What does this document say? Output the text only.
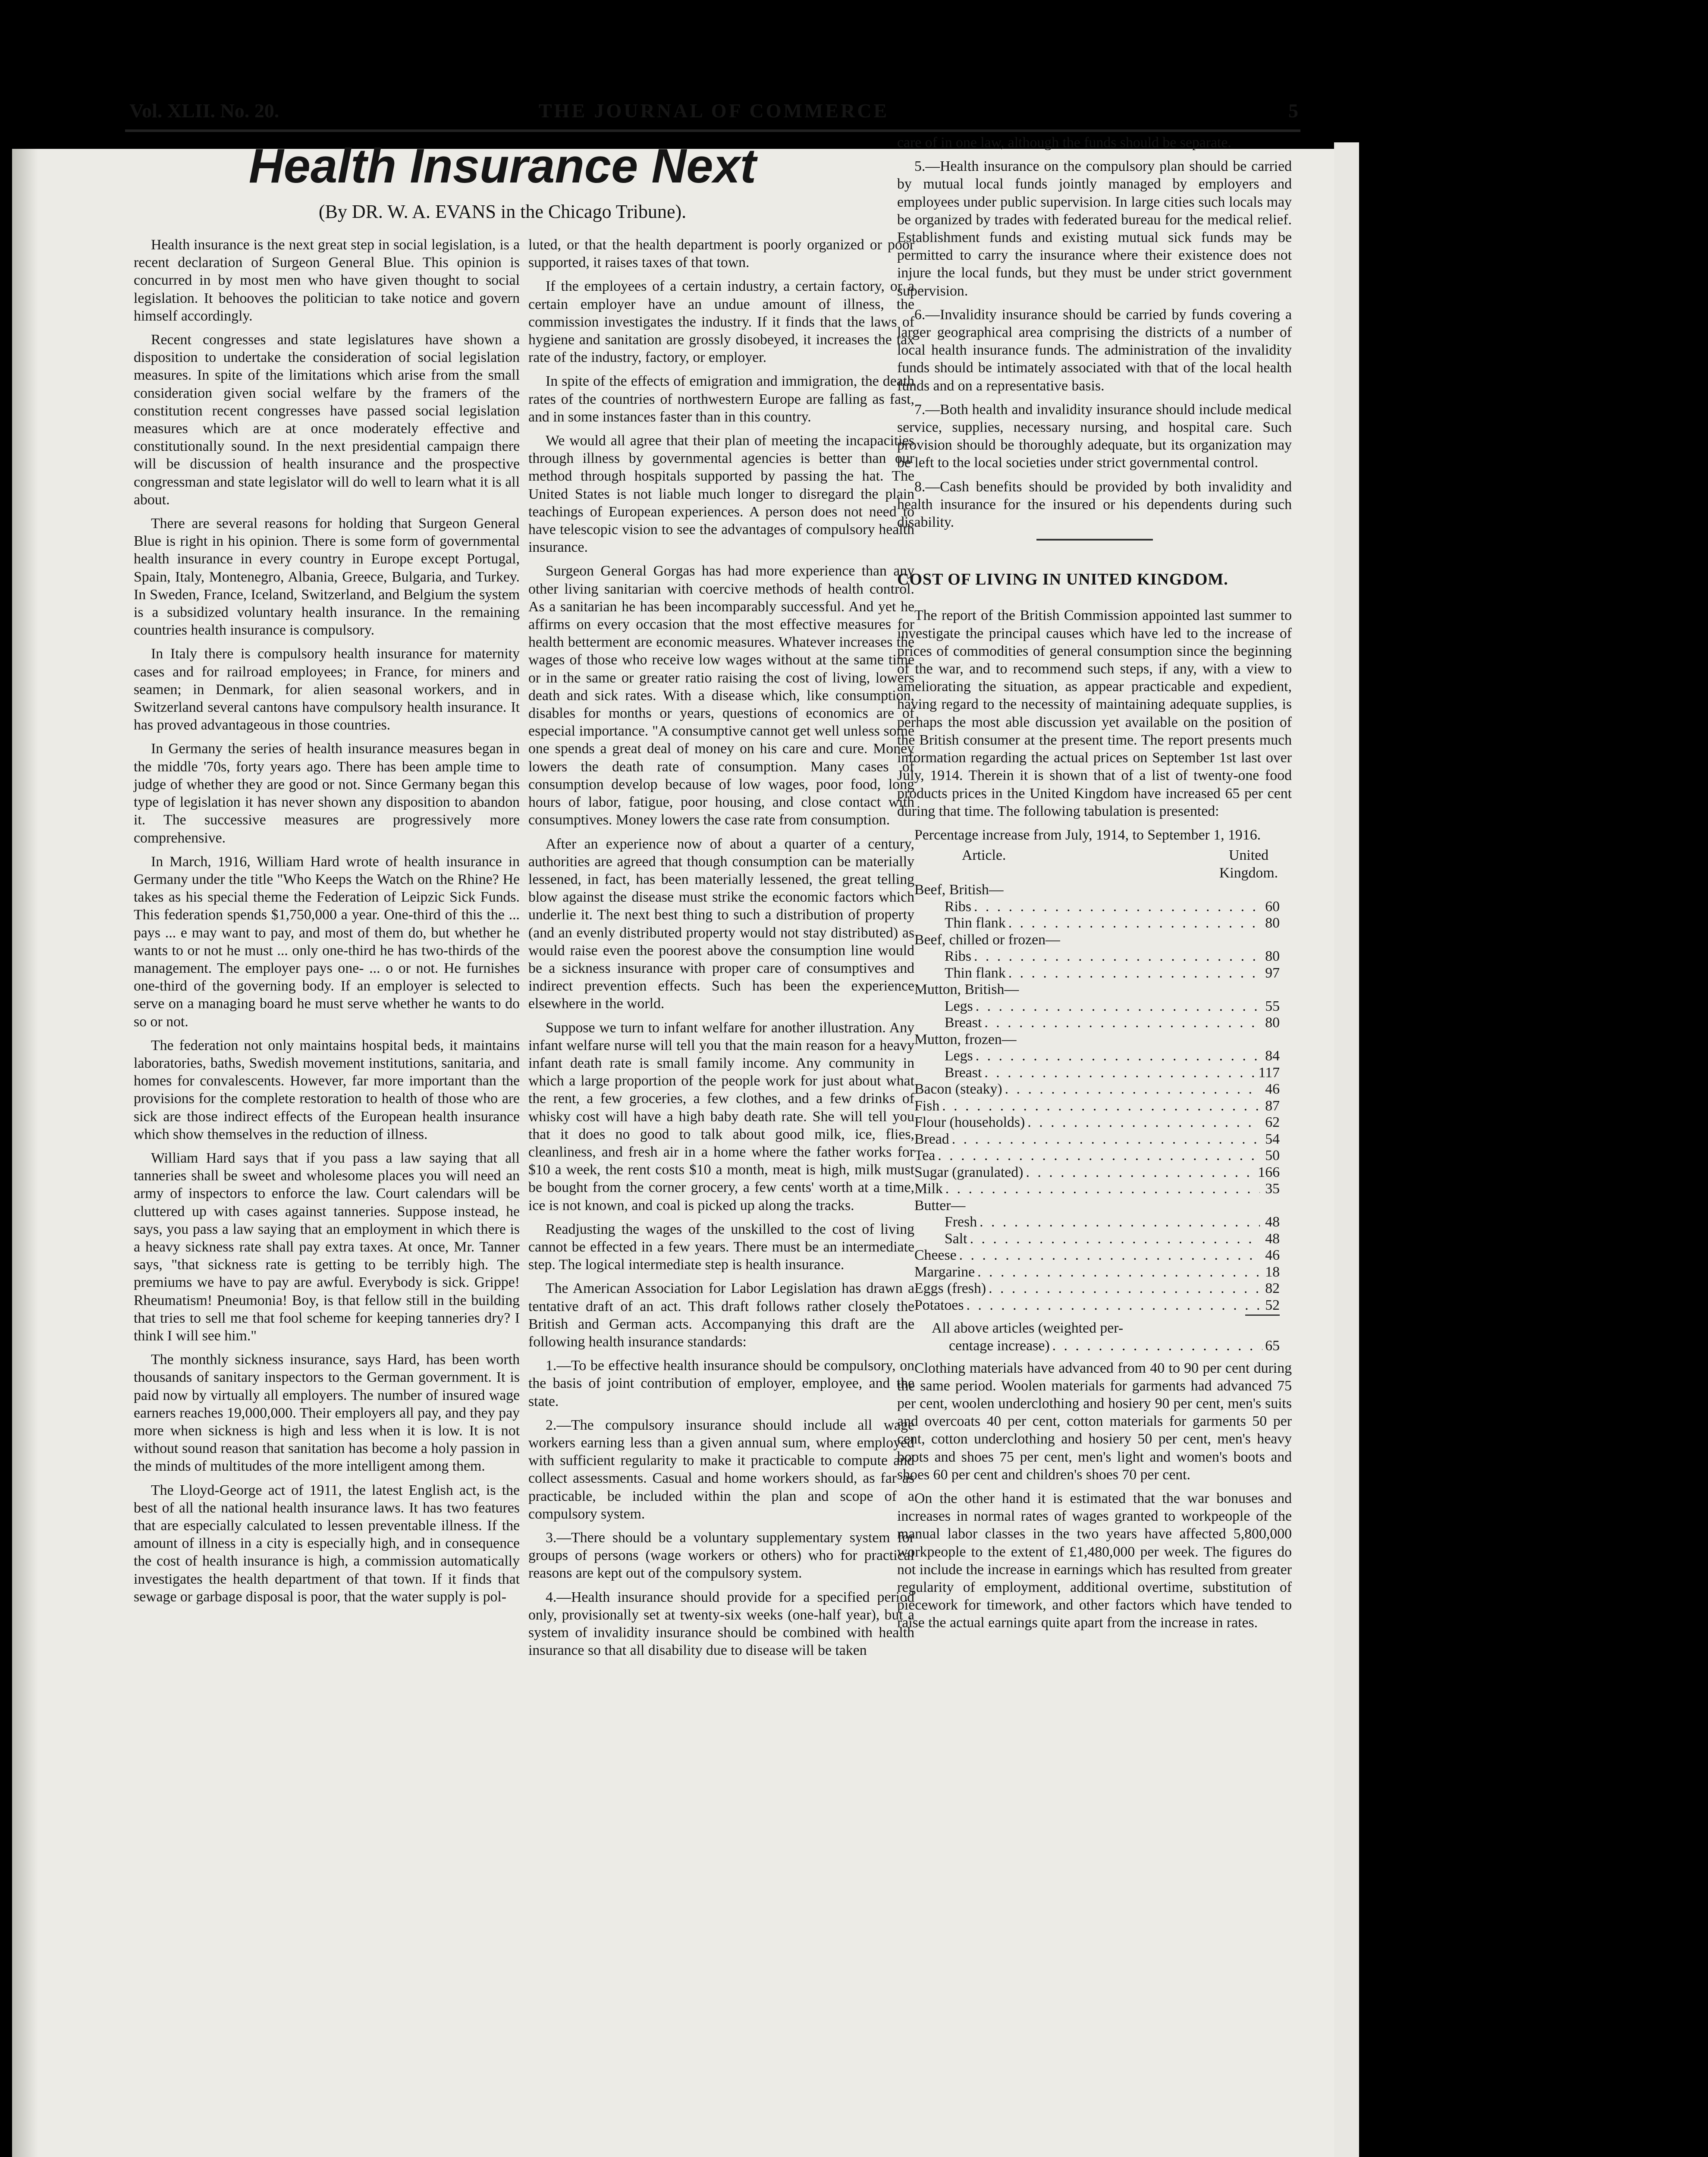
Vol. XLII. No. 20.	THE JOURNAL OF COMMERCE	5
Health Insurance Next
(By DR. W. A. EVANS in the Chicago Tribune).

Health insurance is the next great step in social legislation, is a recent declaration of Surgeon General Blue. This opinion is concurred in by most men who have given thought to social legislation. It behooves the politician to take notice and govern himself accordingly.

Recent congresses and state legislatures have shown a disposition to undertake the consideration of social legislation measures. In spite of the limitations which arise from the small consideration given social welfare by the framers of the constitution recent congresses have passed social legislation measures which are at once moderately effective and constitutionally sound. In the next presidential campaign there will be discussion of health insurance and the prospective congressman and state legislator will do well to learn what it is all about.

There are several reasons for holding that Surgeon General Blue is right in his opinion. There is some form of governmental health insurance in every country in Europe except Portugal, Spain, Italy, Montenegro, Albania, Greece, Bulgaria, and Turkey. In Sweden, France, Iceland, Switzerland, and Belgium the system is a subsidized voluntary health insurance. In the remaining countries health insurance is compulsory.

In Italy there is compulsory health insurance for maternity cases and for railroad employees; in France, for miners and seamen; in Denmark, for alien seasonal workers, and in Switzerland several cantons have compulsory health insurance. It has proved advantageous in those countries.

In Germany the series of health insurance measures began in the middle '70s, forty years ago. There has been ample time to judge of whether they are good or not. Since Germany began this type of legislation it has never shown any disposition to abandon it. The successive measures are progressively more comprehensive.

In March, 1916, William Hard wrote of health insurance in Germany under the title "Who Keeps the Watch on the Rhine? He takes as his special theme the Federation of Leipzic Sick Funds. This federation spends $1,750,000 a year. One-third of this the ... pays ... e may want to pay, and most of them do, but whether he wants to or not he must ... only one-third he has two-thirds of the management. The employer pays one- ... o or not. He furnishes one-third of the governing body. If an employer is selected to serve on a managing board he must serve whether he wants to do so or not.

The federation not only maintains hospital beds, it maintains laboratories, baths, Swedish movement institutions, sanitaria, and homes for convalescents. However, far more important than the provisions for the complete restoration to health of those who are sick are those indirect effects of the European health insurance which show themselves in the reduction of illness.

William Hard says that if you pass a law saying that all tanneries shall be sweet and wholesome places you will need an army of inspectors to enforce the law. Court calendars will be cluttered up with cases against tanneries. Suppose instead, he says, you pass a law saying that an employment in which there is a heavy sickness rate shall pay extra taxes. At once, Mr. Tanner says, "that sickness rate is getting to be terribly high. The premiums we have to pay are awful. Everybody is sick. Grippe! Rheumatism! Pneumonia! Boy, is that fellow still in the building that tries to sell me that fool scheme for keeping tanneries dry? I think I will see him."

The monthly sickness insurance, says Hard, has been worth thousands of sanitary inspectors to the German government. It is paid now by virtually all employers. The number of insured wage earners reaches 19,000,000. Their employers all pay, and they pay more when sickness is high and less when it is low. It is not without sound reason that sanitation has become a holy passion in the minds of multitudes of the more intelligent among them.

The Lloyd-George act of 1911, the latest English act, is the best of all the national health insurance laws. It has two features that are especially calculated to lessen preventable illness. If the amount of illness in a city is especially high, and in consequence the cost of health insurance is high, a commission automatically investigates the health department of that town. If it finds that sewage or garbage disposal is poor, that the water supply is pol-

luted, or that the health department is poorly organized or poor supported, it raises taxes of that town.

If the employees of a certain industry, a certain factory, or a certain employer have an undue amount of illness, the commission investigates the industry. If it finds that the laws of hygiene and sanitation are grossly disobeyed, it increases the tax rate of the industry, factory, or employer.

In spite of the effects of emigration and immigration, the death rates of the countries of northwestern Europe are falling as fast, and in some instances faster than in this country.

We would all agree that their plan of meeting the incapacities through illness by governmental agencies is better than our method through hospitals supported by passing the hat. The United States is not liable much longer to disregard the plain teachings of European experiences. A person does not need to have telescopic vision to see the advantages of compulsory health insurance.

Surgeon General Gorgas has had more experience than any other living sanitarian with coercive methods of health control. As a sanitarian he has been incomparably successful. And yet he affirms on every occasion that the most effective measures for health betterment are economic measures. Whatever increases the wages of those who receive low wages without at the same time or in the same or greater ratio raising the cost of living, lowers death and sick rates. With a disease which, like consumption, disables for months or years, questions of economics are of especial importance. "A consumptive cannot get well unless some one spends a great deal of money on his care and cure. Money lowers the death rate of consumption. Many cases of consumption develop because of low wages, poor food, long hours of labor, fatigue, poor housing, and close contact with consumptives. Money lowers the case rate from consumption.

After an experience now of about a quarter of a century, authorities are agreed that though consumption can be materially lessened, in fact, has been materially lessened, the great telling blow against the disease must strike the economic factors which underlie it. The next best thing to such a distribution of property (and an evenly distributed property would not stay distributed) as would raise even the poorest above the consumption line would be a sickness insurance with proper care of consumptives and indirect prevention effects. Such has been the experience elsewhere in the world.

Suppose we turn to infant welfare for another illustration. Any infant welfare nurse will tell you that the main reason for a heavy infant death rate is small family income. Any community in which a large proportion of the people work for just about what the rent, a few groceries, a few clothes, and a few drinks of whisky cost will have a high baby death rate. She will tell you that it does no good to talk about good milk, ice, flies, cleanliness, and fresh air in a home where the father works for $10 a week, the rent costs $10 a month, meat is high, milk must be bought from the corner grocery, a few cents' worth at a time, ice is not known, and coal is picked up along the tracks.

Readjusting the wages of the unskilled to the cost of living cannot be effected in a few years. There must be an intermediate step. The logical intermediate step is health insurance.

The American Association for Labor Legislation has drawn a tentative draft of an act. This draft follows rather closely the British and German acts. Accompanying this draft are the following health insurance standards:

1.—To be effective health insurance should be compulsory, on the basis of joint contribution of employer, employee, and the state.

2.—The compulsory insurance should include all wage workers earning less than a given annual sum, where employed with sufficient regularity to make it practicable to compute and collect assessments. Casual and home workers should, as far as practicable, be included within the plan and scope of a compulsory system.

3.—There should be a voluntary supplementary system for groups of persons (wage workers or others) who for practical reasons are kept out of the compulsory system.

4.—Health insurance should provide for a specified period only, provisionally set at twenty-six weeks (one-half year), but a system of invalidity insurance should be combined with health insurance so that all disability due to disease will be taken

care of in one law, although the funds should be separate.

5.—Health insurance on the compulsory plan should be carried by mutual local funds jointly managed by employers and employees under public supervision. In large cities such locals may be organized by trades with federated bureau for the medical relief. Establishment funds and existing mutual sick funds may be permitted to carry the insurance where their existence does not injure the local funds, but they must be under strict government supervision.

6.—Invalidity insurance should be carried by funds covering a larger geographical area comprising the districts of a number of local health insurance funds. The administration of the invalidity funds should be intimately associated with that of the local health funds and on a representative basis.

7.—Both health and invalidity insurance should include medical service, supplies, necessary nursing, and hospital care. Such provision should be thoroughly adequate, but its organization may be left to the local societies under strict governmental control.

8.—Cash benefits should be provided by both invalidity and health insurance for the insured or his dependents during such disability.

COST OF LIVING IN UNITED KINGDOM.

The report of the British Commission appointed last summer to investigate the principal causes which have led to the increase of prices of commodities of general consumption since the beginning of the war, and to recommend such steps, if any, with a view to ameliorating the situation, as appear practicable and expedient, having regard to the necessity of maintaining adequate supplies, is perhaps the most able discussion yet available on the position of the British consumer at the present time. The report presents much information regarding the actual prices on September 1st last over July, 1914. Therein it is shown that of a list of twenty-one food products prices in the United Kingdom have increased 65 per cent during that time. The following tabulation is presented:

Percentage increase from July, 1914, to September 1, 1916.
Article.	United Kingdom.
Beef, British—
Ribs . . .	60
Thin flank . . .	80
Beef, chilled or frozen—
Ribs . . .	80
Thin flank . . .	97
Mutton, British—
Legs . . .	55
Breast . . .	80
Mutton, frozen—
Legs . . .	84
Breast . . .	117
Bacon (steaky) . . .	46
Fish . . .	87
Flour (households) . . .	62
Bread . . .	54
Tea . . .	50
Sugar (granulated) . . .	166
Milk . . .	35
Butter—
Fresh . . .	48
Salt . . .	48
Cheese . . .	46
Margarine . . .	18
Eggs (fresh) . . .	82
Potatoes . . .	52
All above articles (weighted per-
centage increase) . . .	65

Clothing materials have advanced from 40 to 90 per cent during the same period. Woolen materials for garments had advanced 75 per cent, woolen underclothing and hosiery 90 per cent, men's suits and overcoats 40 per cent, cotton materials for garments 50 per cent, cotton underclothing and hosiery 50 per cent, men's heavy boots and shoes 75 per cent, men's light and women's boots and shoes 60 per cent and children's shoes 70 per cent.

On the other hand it is estimated that the war bonuses and increases in normal rates of wages granted to workpeople of the manual labor classes in the two years have affected 5,800,000 workpeople to the extent of £1,480,000 per week. The figures do not include the increase in earnings which has resulted from greater regularity of employment, additional overtime, substitution of piecework for timework, and other factors which have tended to raise the actual earnings quite apart from the increase in rates.
